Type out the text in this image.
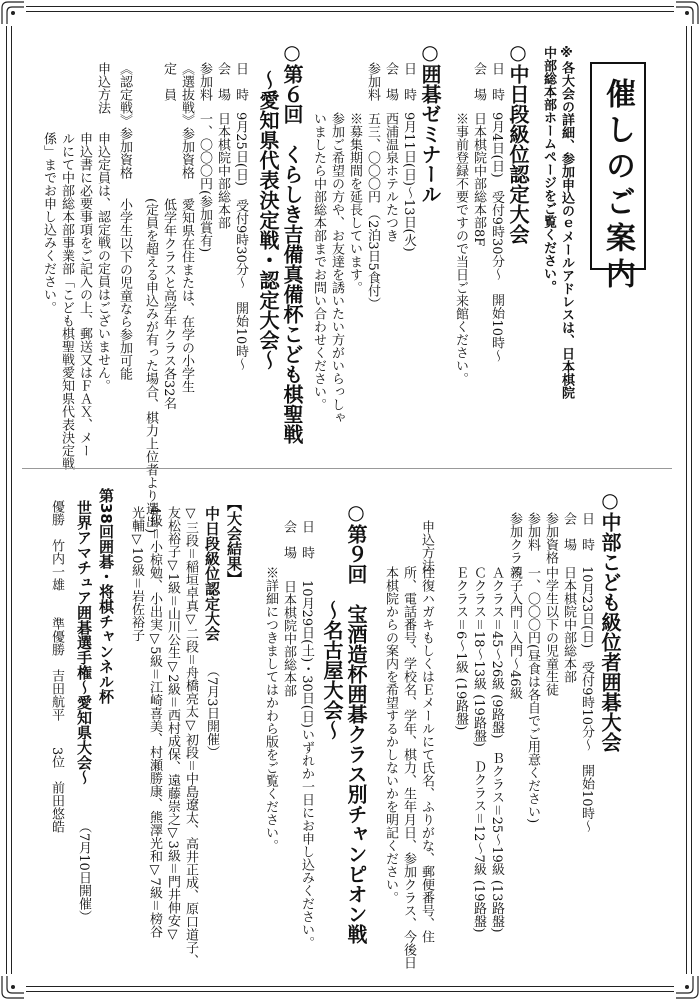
催しのご案内
※各大会の詳細、参加申込のｅメールアドレスは、日本棋院
中部総本部ホームページをご覧ください。
○中日段級位認定大会
日　時
9月4日(日)　受付9時30分～　開始10時～
会　場
日本棋院中部総本部8F
※事前登録不要ですので当日ご来館ください。
○囲碁ゼミナール
日　時
9月11日(日)～13日(火)
会　場
西浦温泉ホテルたつき
参加料
五三、〇〇〇円 （2泊3日5食付）
※募集期間を延長しています。
参加ご希望の方や、お友達を誘いたい方がいらっしゃ
いましたら中部総本部までお問い合わせください。
○第６回　くらしき吉備真備杯こども棋聖戦
～愛知県代表決定戦・認定大会～
日　時
9月25日(日)　受付9時30分～　開始10時～
会　場
日本棋院中部総本部
参加料
一、〇〇〇円(参加賞有)
《選抜戦》参加資格
愛知県在住または、在学の小学生
定　員
低学年クラスと高学年クラス各32名
(定員を超える申込みが有った場合、棋力上位者より選出)
《認定戦》参加資格
小学生以下の児童なら参加可能
申込方法
申込定員は、認定戦の定員はございません。
申込書に必要事項をご記入の上、郵送又はＦＡＸ、メー
ルにて中部総本部事業部「こども棋聖戦愛知県代表決定戦
係」までお申し込みください。
○中部こども級位者囲碁大会
日　時
10月23日(日)　受付9時10分～　開始10時～
会　場
日本棋院中部総本部
参加資格
中学生以下の児童生徒
参加料
一、〇〇〇円(昼食は各自でご用意ください)
参加クラス
親子入門＝入門～46級
Ａクラス＝45～26級 (9路盤)　Ｂクラス＝25～19級 (13路盤)
Ｃクラス＝18～13級 (19路盤)　Ｄクラス＝12～7級 (19路盤)
Ｅクラス＝6～1級 (19路盤)
申込方法
往復ハガキもしくはＥメールにて氏名、ふりがな、郵便番号、住
所、電話番号、学校名、学年、棋力、生年月日、参加クラス、今後日
本棋院からの案内を希望するかしないかを明記ください。
○第９回　宝酒造杯囲碁クラス別チャンピオン戦
～名古屋大会～
日　時
10月29日(土)・30日(日)いずれか一日にお申し込みください。
会　場
日本棋院中部総本部
※詳細につきましてはかわら版をご覧ください。
【大会結果】
中日段級位認定大会
（7月3日開催）
▽三段＝稲垣卓真▽二段＝舟橋亮太▽初段＝中島遼太、高井正成、原口道子、
友松裕子▽1級＝山川公生▽2級＝西村成保、遠藤崇之▽3級＝門井伸安▽
4級＝小椋勉、小出実▽5級＝江崎喜美、村瀬勝康、熊澤光和▽7級＝榜谷
光輔▽10級＝岩佐裕子
第38回囲碁・将棋チャンネル杯
世界アマチュア囲碁選手権～愛知県大会～
（7月10日開催）
優勝　竹内一雄　　準優勝　吉田航平　　3位　前田悠皓
